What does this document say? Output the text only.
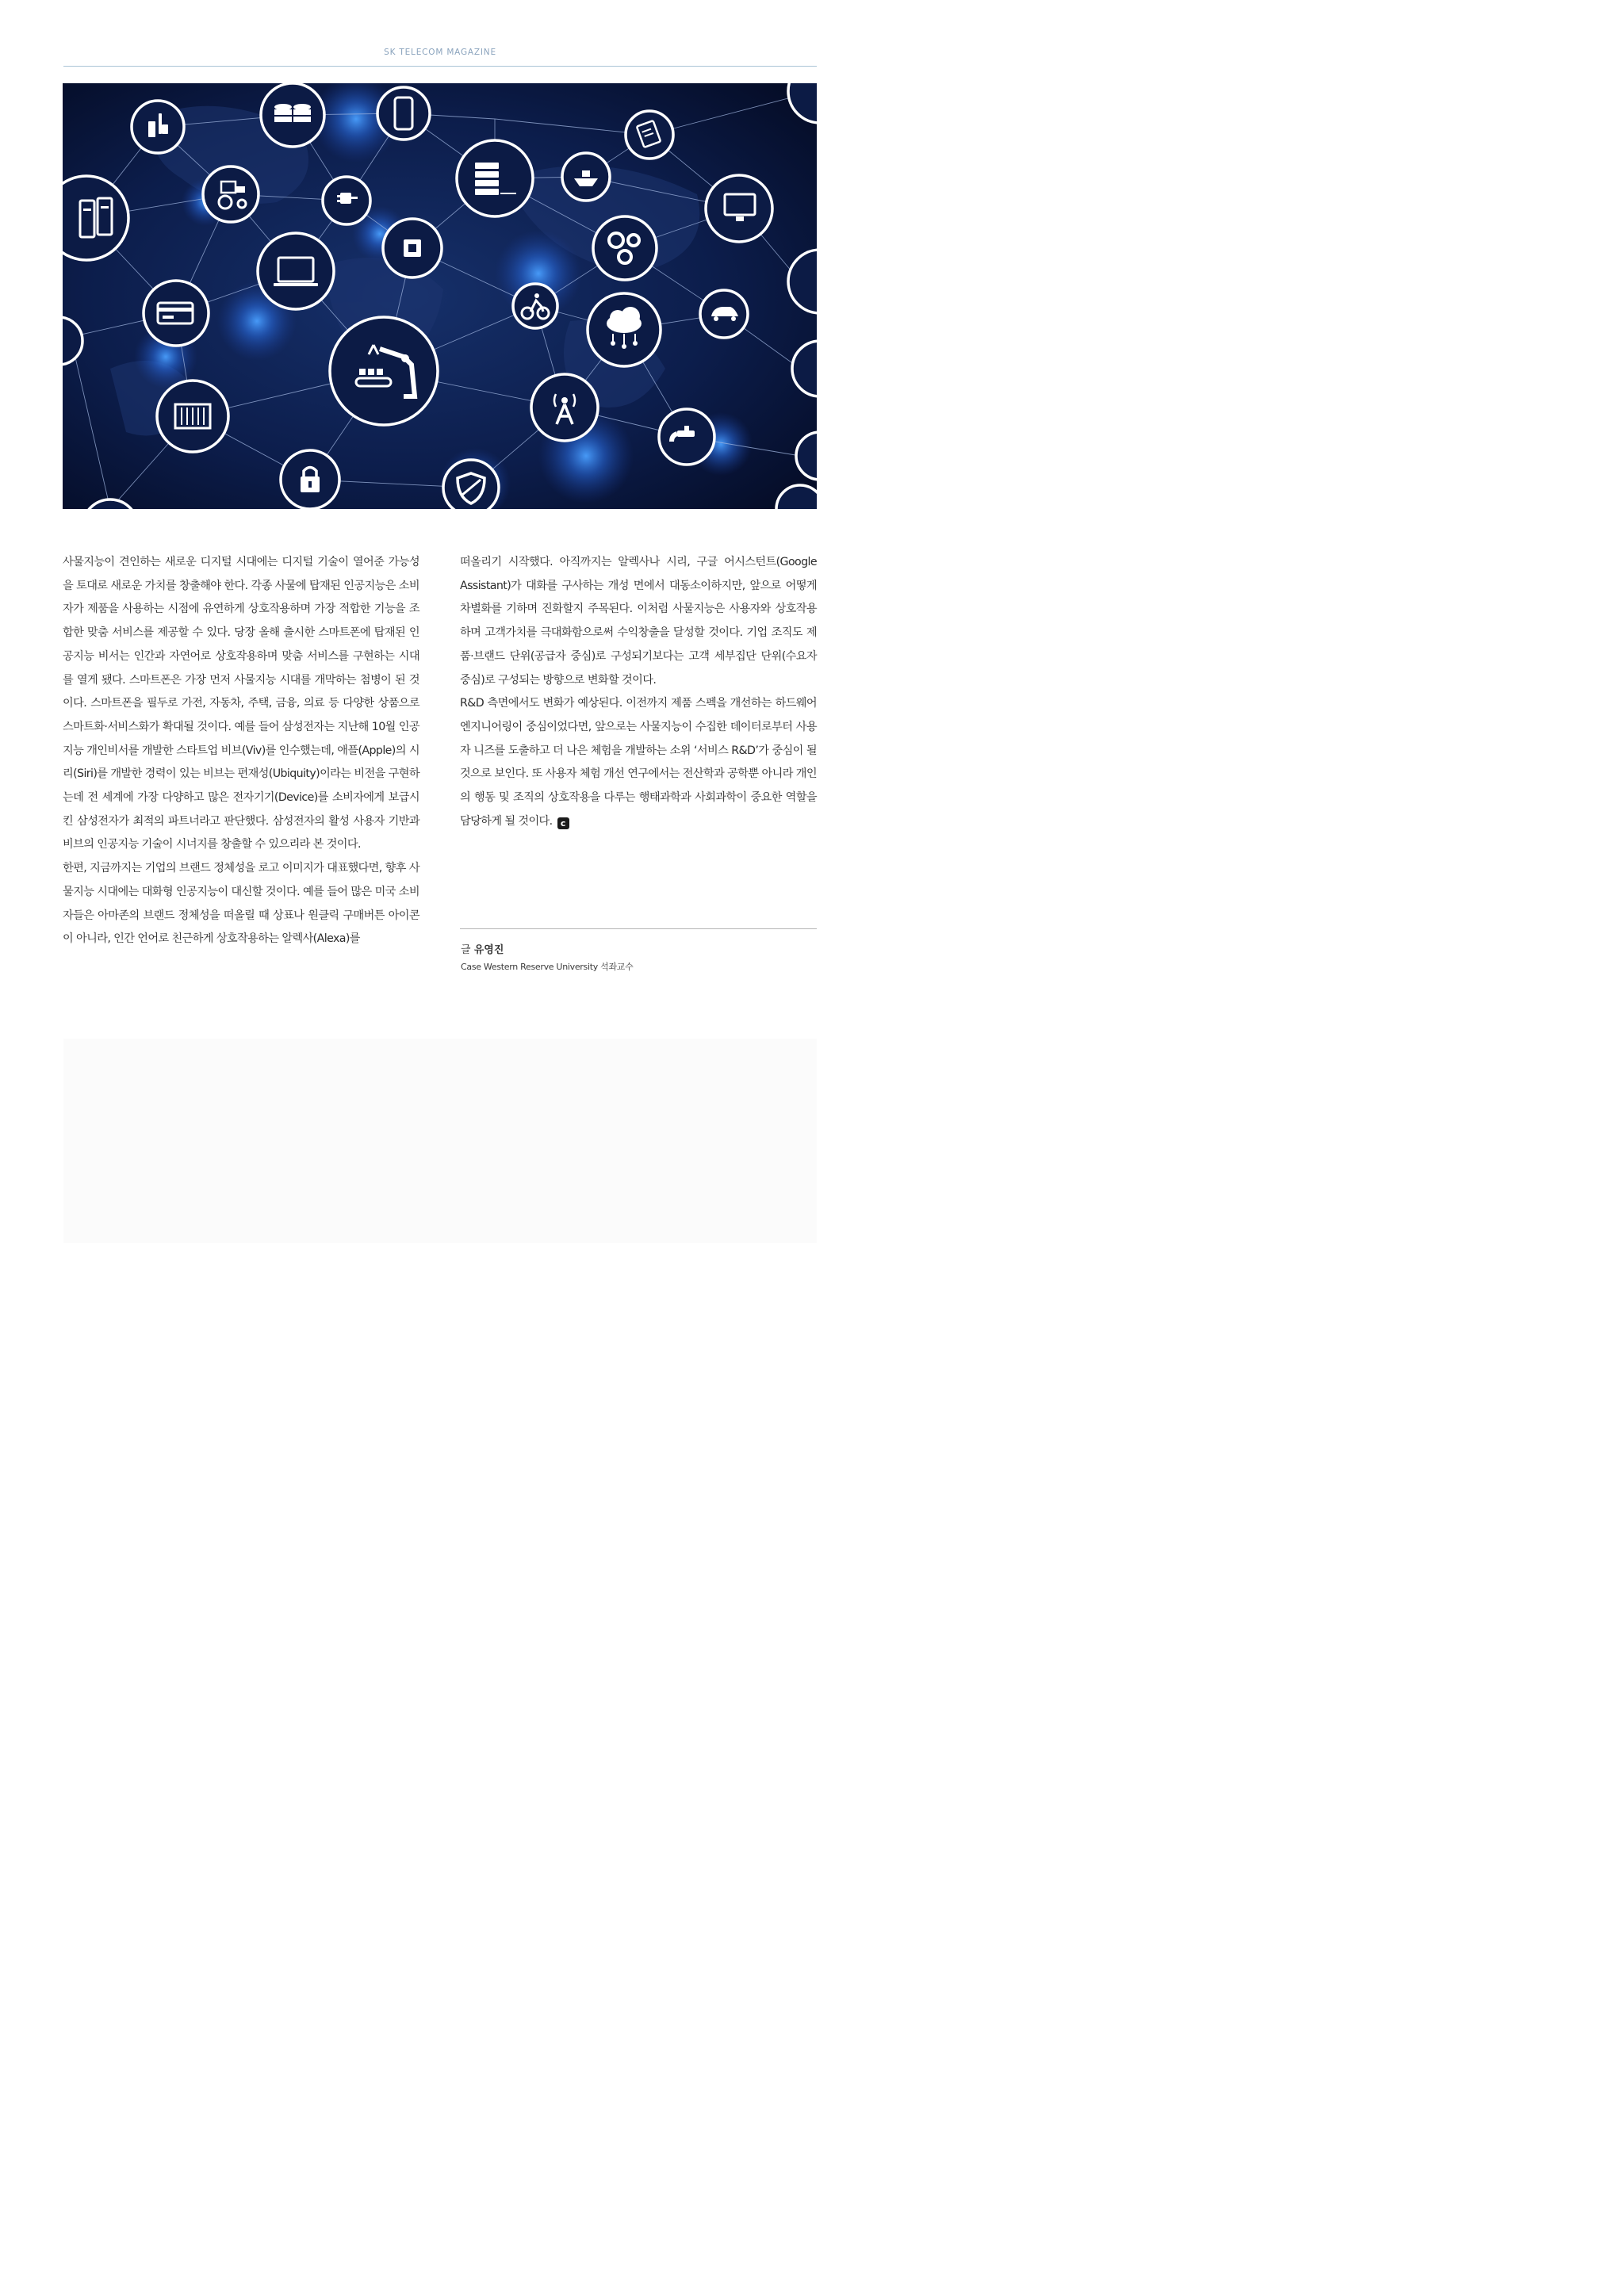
SK TELECOM MAGAZINE

사물지능이 견인하는 새로운 디지털 시대에는 디지털 기술이 열어준 가능성을 토대로 새로운 가치를 창출해야 한다. 각종 사물에 탑재된 인공지능은 소비자가 제품을 사용하는 시점에 유연하게 상호작용하며 가장 적합한 기능을 조합한 맞춤 서비스를 제공할 수 있다. 당장 올해 출시한 스마트폰에 탑재된 인공지능 비서는 인간과 자연어로 상호작용하며 맞춤 서비스를 구현하는 시대를 열게 됐다. 스마트폰은 가장 먼저 사물지능 시대를 개막하는 첨병이 된 것이다. 스마트폰을 필두로 가전, 자동차, 주택, 금융, 의료 등 다양한 상품으로 스마트화·서비스화가 확대될 것이다. 예를 들어 삼성전자는 지난해 10월 인공지능 개인비서를 개발한 스타트업 비브(Viv)를 인수했는데, 애플(Apple)의 시리(Siri)를 개발한 경력이 있는 비브는 편재성(Ubiquity)이라는 비전을 구현하는데 전 세계에 가장 다양하고 많은 전자기기(Device)를 소비자에게 보급시킨 삼성전자가 최적의 파트너라고 판단했다. 삼성전자의 활성 사용자 기반과 비브의 인공지능 기술이 시너지를 창출할 수 있으리라 본 것이다.

한편, 지금까지는 기업의 브랜드 정체성을 로고 이미지가 대표했다면, 향후 사물지능 시대에는 대화형 인공지능이 대신할 것이다. 예를 들어 많은 미국 소비자들은 아마존의 브랜드 정체성을 떠올릴 때 상표나 원클릭 구매버튼 아이콘이 아니라, 인간 언어로 친근하게 상호작용하는 알렉사(Alexa)를

떠올리기 시작했다. 아직까지는 알렉사나 시리, 구글 어시스턴트(Google Assistant)가 대화를 구사하는 개성 면에서 대동소이하지만, 앞으로 어떻게 차별화를 기하며 진화할지 주목된다. 이처럼 사물지능은 사용자와 상호작용하며 고객가치를 극대화함으로써 수익창출을 달성할 것이다. 기업 조직도 제품·브랜드 단위(공급자 중심)로 구성되기보다는 고객 세부집단 단위(수요자 중심)로 구성되는 방향으로 변화할 것이다.

R&D 측면에서도 변화가 예상된다. 이전까지 제품 스펙을 개선하는 하드웨어 엔지니어링이 중심이었다면, 앞으로는 사물지능이 수집한 데이터로부터 사용자 니즈를 도출하고 더 나은 체험을 개발하는 소위 ‘서비스 R&D’가 중심이 될 것으로 보인다. 또 사용자 체험 개선 연구에서는 전산학과 공학뿐 아니라 개인의 행동 및 조직의 상호작용을 다루는 행태과학과 사회과학이 중요한 역할을 담당하게 될 것이다. c

글 유영진
Case Western Reserve University 석좌교수
